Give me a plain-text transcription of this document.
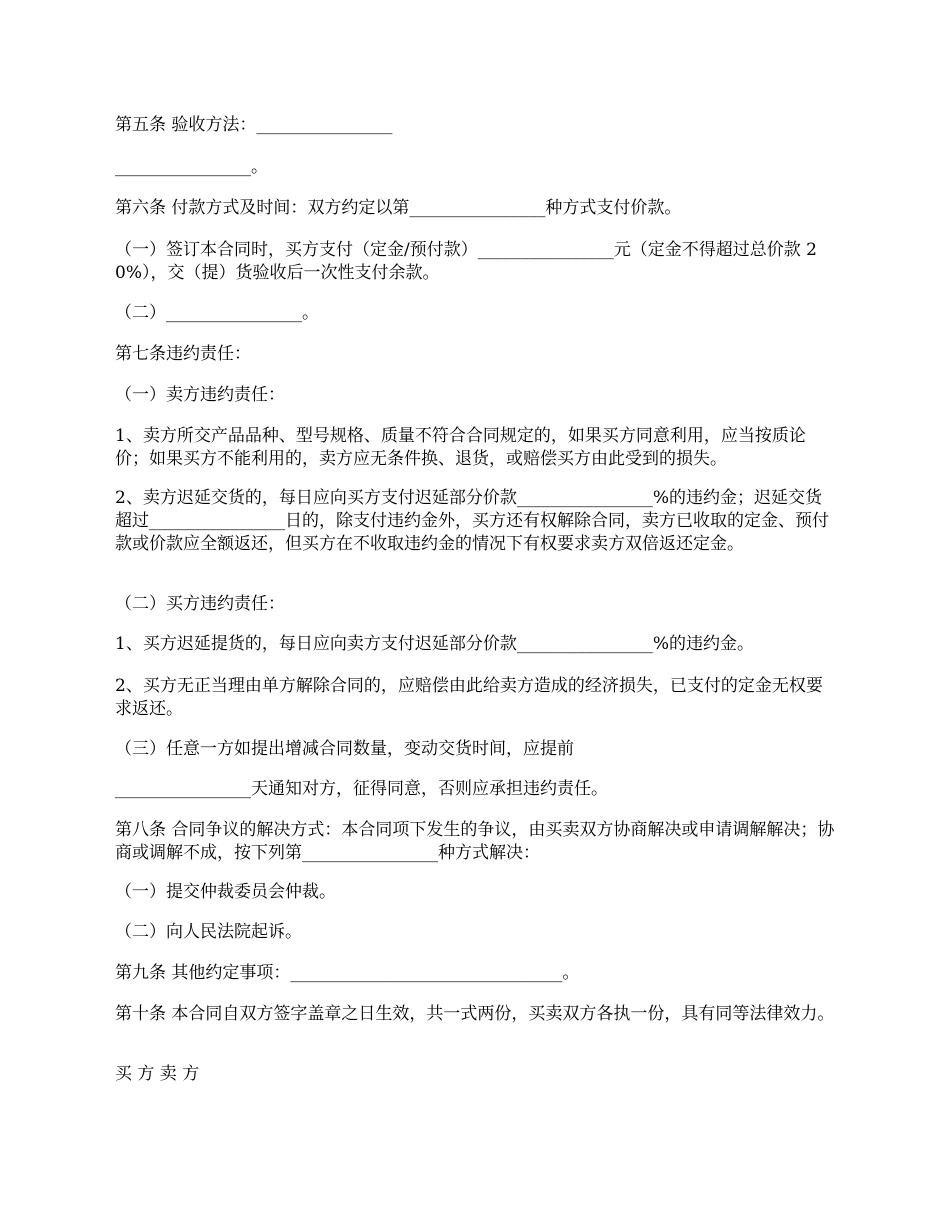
第五条 验收方法：________________

________________。

第六条 付款方式及时间：双方约定以第________________种方式支付价款。

（一）签订本合同时，买方支付（定金/预付款）________________元（定金不得超过总价款 20%），交（提）货验收后一次性支付余款。

（二）________________。

第七条违约责任：

（一）卖方违约责任：

1、卖方所交产品品种、型号规格、质量不符合合同规定的，如果买方同意利用，应当按质论价；如果买方不能利用的，卖方应无条件换、退货，或赔偿买方由此受到的损失。

2、卖方迟延交货的，每日应向买方支付迟延部分价款________________%的违约金；迟延交货超过________________日的，除支付违约金外，买方还有权解除合同，卖方已收取的定金、预付款或价款应全额返还，但买方在不收取违约金的情况下有权要求卖方双倍返还定金。

（二）买方违约责任：

1、买方迟延提货的，每日应向卖方支付迟延部分价款________________%的违约金。

2、买方无正当理由单方解除合同的，应赔偿由此给卖方造成的经济损失，已支付的定金无权要求返还。

（三）任意一方如提出增减合同数量，变动交货时间，应提前

________________天通知对方，征得同意，否则应承担违约责任。

第八条 合同争议的解决方式：本合同项下发生的争议，由买卖双方协商解决或申请调解解决；协商或调解不成，按下列第________________种方式解决：

（一）提交仲裁委员会仲裁。

（二）向人民法院起诉。

第九条 其他约定事项：________________________________。

第十条 本合同自双方签字盖章之日生效，共一式两份，买卖双方各执一份，具有同等法律效力。

买 方 卖 方
